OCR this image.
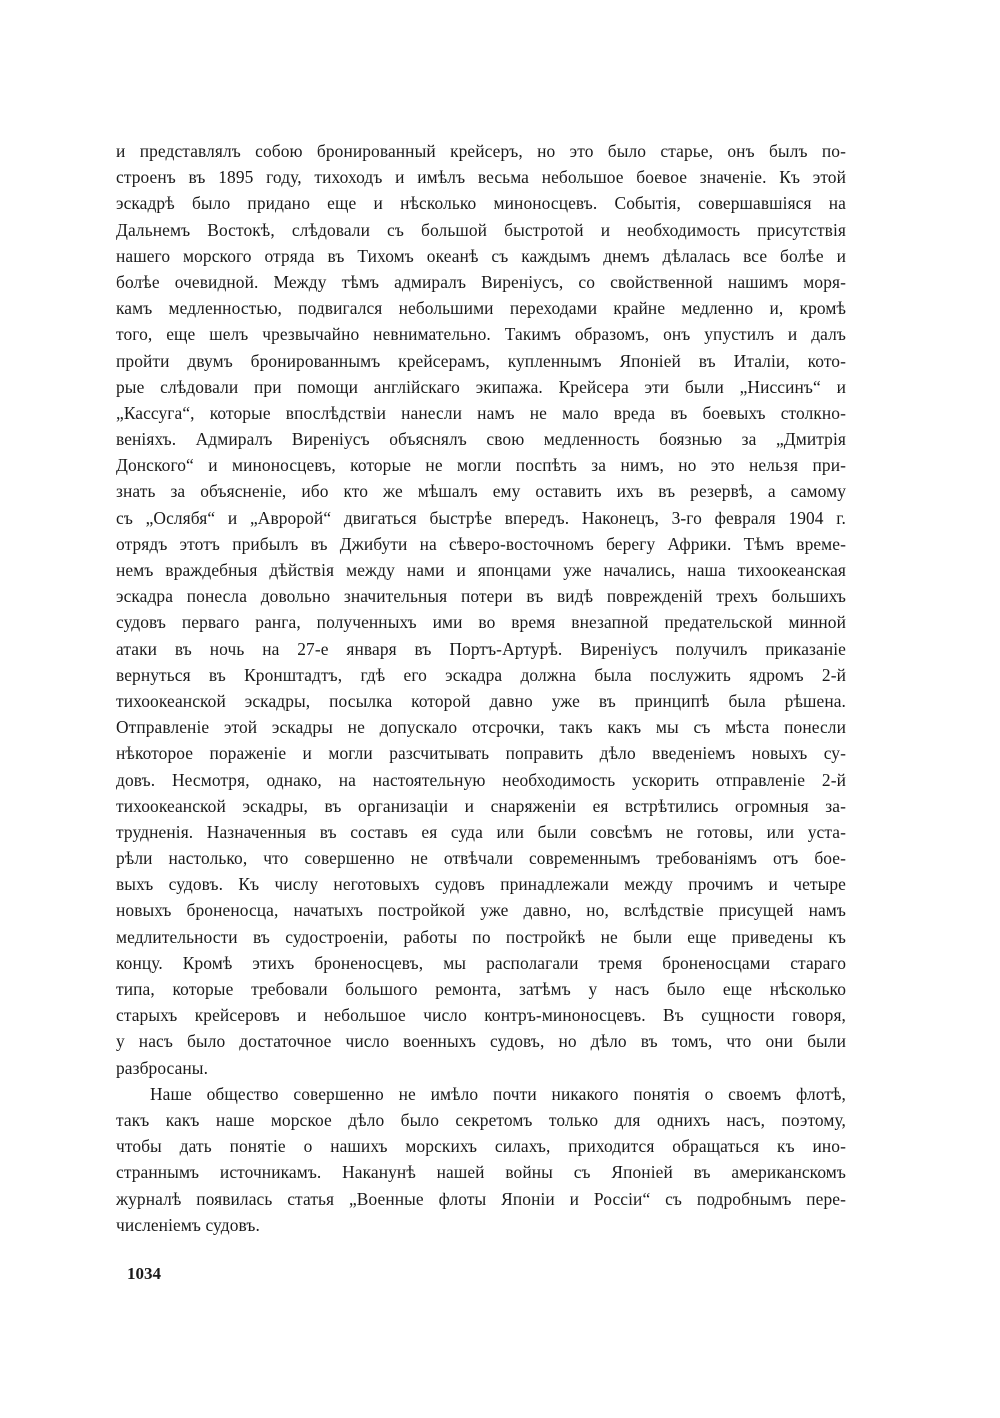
и представлялъ собою бронированный крейсеръ, но это было старье, онъ былъ по-
строенъ въ 1895 году, тихоходъ и имѣлъ весьма небольшое боевое значенie. Къ этой
эскадрѣ было придано еще и нѣсколько миноносцевъ. Событiя, совершавшiяся на
Дальнемъ Востокѣ, слѣдовали съ большой быстротой и необходимость присутствiя
нашего морского отряда въ Тихомъ океанѣ съ каждымъ днемъ дѣлалась все болѣе и
болѣе очевидной. Между тѣмъ адмиралъ Виреніусъ, со свойственной нашимъ моря-
камъ медленностью, подвигался небольшими переходами крайне медленно и, кромѣ
того, еще шелъ чрезвычайно невнимательно. Такимъ образомъ, онъ упустилъ и далъ
пройти двумъ бронированнымъ крейсерамъ, купленнымъ Японiей въ Италiи, кото-
рые слѣдовали при помощи англiйскаго экипажа. Крейсера эти были „Ниссинъ“ и
„Кассуга“, которые впослѣдствiи нанесли намъ не мало вреда въ боевыхъ столкно-
венiяхъ. Адмиралъ Виреніусъ объяснялъ свою медленность боязнью за „Дмитрiя
Донского“ и миноносцевъ, которые не могли поспѣть за нимъ, но это нельзя при-
знать за объясненie, ибо кто же мѣшалъ ему оставить ихъ въ резервѣ, а самому
съ „Ослябя“ и „Авророй“ двигаться быстрѣе впередъ. Наконецъ, 3-го февраля 1904 г.
отрядъ этотъ прибылъ въ Джибути на сѣверо-восточномъ берегу Африки. Тѣмъ време-
немъ враждебныя дѣйствiя между нами и японцами уже начались, наша тихоокеанская
эскадра понесла довольно значительныя потери въ видѣ поврежденiй трехъ большихъ
судовъ перваго ранга, полученныхъ ими во время внезапной предательской минной
атаки въ ночь на 27-е января въ Портъ-Артурѣ. Виреніусъ получилъ приказанie
вернуться въ Кронштадтъ, гдѣ его эскадра должна была послужить ядромъ 2-й
тихоокеанской эскадры, посылка которой давно уже въ принципѣ была рѣшена.
Отправленie этой эскадры не допускало отсрочки, такъ какъ мы съ мѣста понесли
нѣкоторое пораженie и могли разсчитывать поправить дѣло введенiемъ новыхъ су-
довъ. Несмотря, однако, на настоятельную необходимость ускорить отправленie 2-й
тихоокеанской эскадры, въ организацiи и снаряженiи ея встрѣтились огромныя за-
трудненiя. Назначенныя въ составъ ея суда или были совсѣмъ не готовы, или уста-
рѣли настолько, что совершенно не отвѣчали современнымъ требованiямъ отъ бое-
выхъ судовъ. Къ числу неготовыхъ судовъ принадлежали между прочимъ и четыре
новыхъ броненосца, начатыхъ постройкой уже давно, но, вслѣдствiе присущей намъ
медлительности въ судостроенiи, работы по постройкѣ не были еще приведены къ
концу. Кромѣ этихъ броненосцевъ, мы располагали тремя броненосцами стараго
типа, которые требовали большого ремонта, затѣмъ у насъ было еще нѣсколько
старыхъ крейсеровъ и небольшое число контръ-миноносцевъ. Въ сущности говоря,
у насъ было достаточное число военныхъ судовъ, но дѣло въ томъ, что они были
разбросаны.
Наше общество совершенно не имѣло почти никакого понятiя о своемъ флотѣ,
такъ какъ наше морское дѣло было секретомъ только для однихъ насъ, поэтому,
чтобы дать понятie о нашихъ морскихъ силахъ, приходится обращаться къ ино-
страннымъ источникамъ. Наканунѣ нашей войны съ Японiей въ американскомъ
журналѣ появилась статья „Военные флоты Японiи и Россiи“ съ подробнымъ пере-
численiемъ судовъ.
1034
